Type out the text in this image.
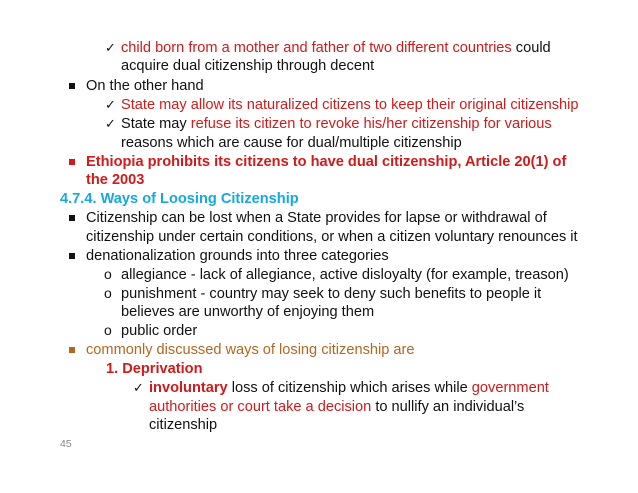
✓ child born from a mother and father of two different countries could
acquire dual citizenship through decent
On the other hand
✓ State may allow its naturalized citizens to keep their original citizenship
✓ State may refuse its citizen to revoke his/her citizenship for various
reasons which are cause for dual/multiple citizenship
Ethiopia prohibits its citizens to have dual citizenship, Article 20(1) of
the 2003
4.7.4. Ways of Loosing Citizenship
Citizenship can be lost when a State provides for lapse or withdrawal of
citizenship under certain conditions, or when a citizen voluntary renounces it
denationalization grounds into three categories
o allegiance - lack of allegiance, active disloyalty (for example, treason)
o punishment - country may seek to deny such benefits to people it
believes are unworthy of enjoying them
o public order
commonly discussed ways of losing citizenship are
1. Deprivation
✓ involuntary loss of citizenship which arises while government
authorities or court take a decision to nullify an individual’s
citizenship
45
